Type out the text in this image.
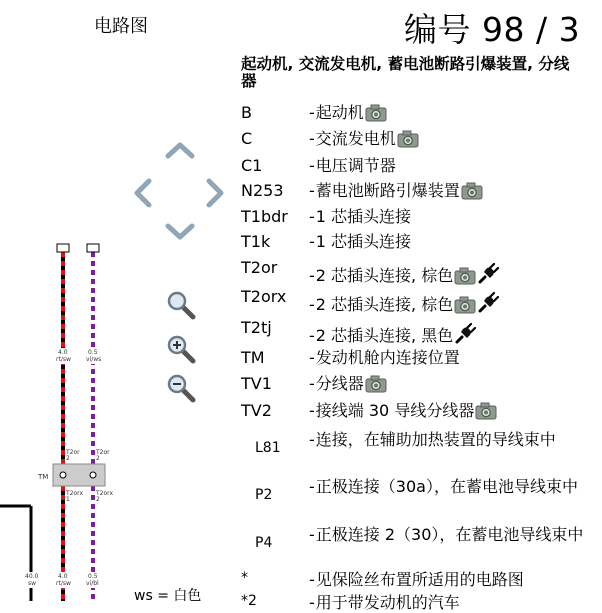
电路图	编号 98 / 3
4.0
rt/sw
0.5
vi/ws
TM
T2or
2
T2or
2
T2orx
1
T2orx
2
40.0
sw
4.0
rt/sw
0.5
vi/bl
ws = 白色
起动机, 交流发电机, 蓄电池断路引爆装置, 分线器
B	-起动机
C	-交流发电机
C1	-电压调节器
N253 -蓄电池断路引爆装置
T1bdr -1 芯插头连接
T1k -1 芯插头连接
T2or -2 芯插头连接, 棕色
T2orx -2 芯插头连接, 棕色
T2tj -2 芯插头连接, 黑色
TM	-发动机舱内连接位置
TV1 -分线器
TV2 -接线端 30 导线分线器
L81 -连接，在辅助加热装置的导线束中
P2 -正极连接（30a），在蓄电池导线束中
P4 -正极连接 2（30），在蓄电池导线束中
*	-见保险丝布置所适用的电路图
*2	-用于带发动机的汽车
